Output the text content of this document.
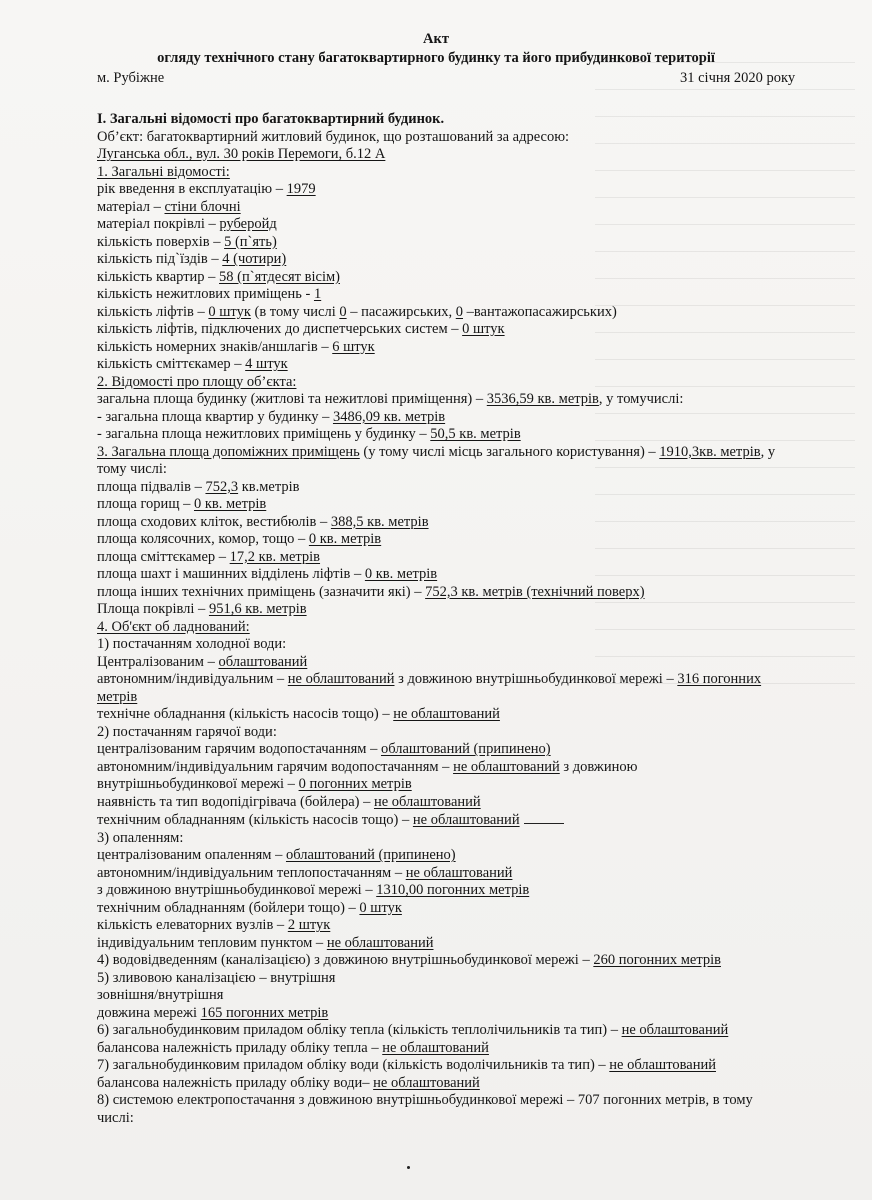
Акт
огляду технічного стану багатоквартирного будинку та його прибудинкової території
м. Рубіжне	31 січня 2020 року
І. Загальні відомості про багатоквартирний будинок.
Об’єкт: багатоквартирний житловий будинок, що розташований за адресою:
Луганська обл., вул. 30 років Перемоги, б.12 А
1. Загальні відомості:
рік введення в експлуатацію – 1979
матеріал – стіни блочні
матеріал покрівлі – руберойд
кількість поверхів – 5 (п`ять)
кількість під`їздів – 4 (чотири)
кількість квартир – 58 (п`ятдесят вісім)
кількість нежитлових приміщень - 1
кількість ліфтів – 0 штук (в тому числі 0 – пасажирських, 0 –вантажопасажирських)
кількість ліфтів, підключених до диспетчерських систем – 0 штук
кількість номерних знаків/аншлагів – 6 штук
кількість сміттєкамер – 4 штук
2. Відомості про площу об’єкта:
загальна площа будинку (житлові та нежитлові приміщення) – 3536,59 кв. метрів, у томучислі:
- загальна площа квартир у будинку – 3486,09 кв. метрів
- загальна площа нежитлових приміщень у будинку – 50,5 кв. метрів
3. Загальна площа допоміжних приміщень (у тому числі місць загального користування) – 1910,3кв. метрів, у
тому числі:
площа підвалів – 752,3 кв.метрів
площа горищ – 0 кв. метрів
площа сходових кліток, вестибюлів – 388,5 кв. метрів
площа колясочних, комор, тощо – 0 кв. метрів
площа сміттєкамер – 17,2 кв. метрів
площа шахт і машинних відділень ліфтів – 0 кв. метрів
площа інших технічних приміщень (зазначити які) – 752,3 кв. метрів (технічний поверх)
Площа покрівлі – 951,6 кв. метрів
4. Об'єкт об ладнований:
1) постачанням холодної води:
Централізованим – облаштований
автономним/індивідуальним – не облаштований з довжиною внутрішньобудинкової мережі – 316 погонних
метрів
технічне обладнання (кількість насосів тощо) – не облаштований
2) постачанням гарячої води:
централізованим гарячим водопостачанням – облаштований (припинено)
автономним/індивідуальним гарячим водопостачанням – не облаштований з довжиною
внутрішньобудинкової мережі – 0 погонних метрів
наявність та тип водопідігрівача (бойлера) – не облаштований
технічним обладнанням (кількість насосів тощо) – не облаштований
3) опаленням:
централізованим опаленням – облаштований (припинено)
автономним/індивідуальним теплопостачанням – не облаштований
з довжиною внутрішньобудинкової мережі – 1310,00 погонних метрів
технічним обладнанням (бойлери тощо) – 0 штук
кількість елеваторних вузлів – 2 штук
індивідуальним тепловим пунктом – не облаштований
4) водовідведенням (каналізацією) з довжиною внутрішньобудинкової мережі – 260 погонних метрів
5) зливовою каналізацією – внутрішня
зовнішня/внутрішня
довжина мережі 165 погонних метрів
6) загальнобудинковим приладом обліку тепла (кількість теплолічильників та тип) – не облаштований
балансова належність приладу обліку тепла – не облаштований
7) загальнобудинковим приладом обліку води (кількість водолічильників та тип) – не облаштований
балансова належність приладу обліку води– не облаштований
8) системою електропостачання з довжиною внутрішньобудинкової мережі – 707 погонних метрів, в тому
числі:
